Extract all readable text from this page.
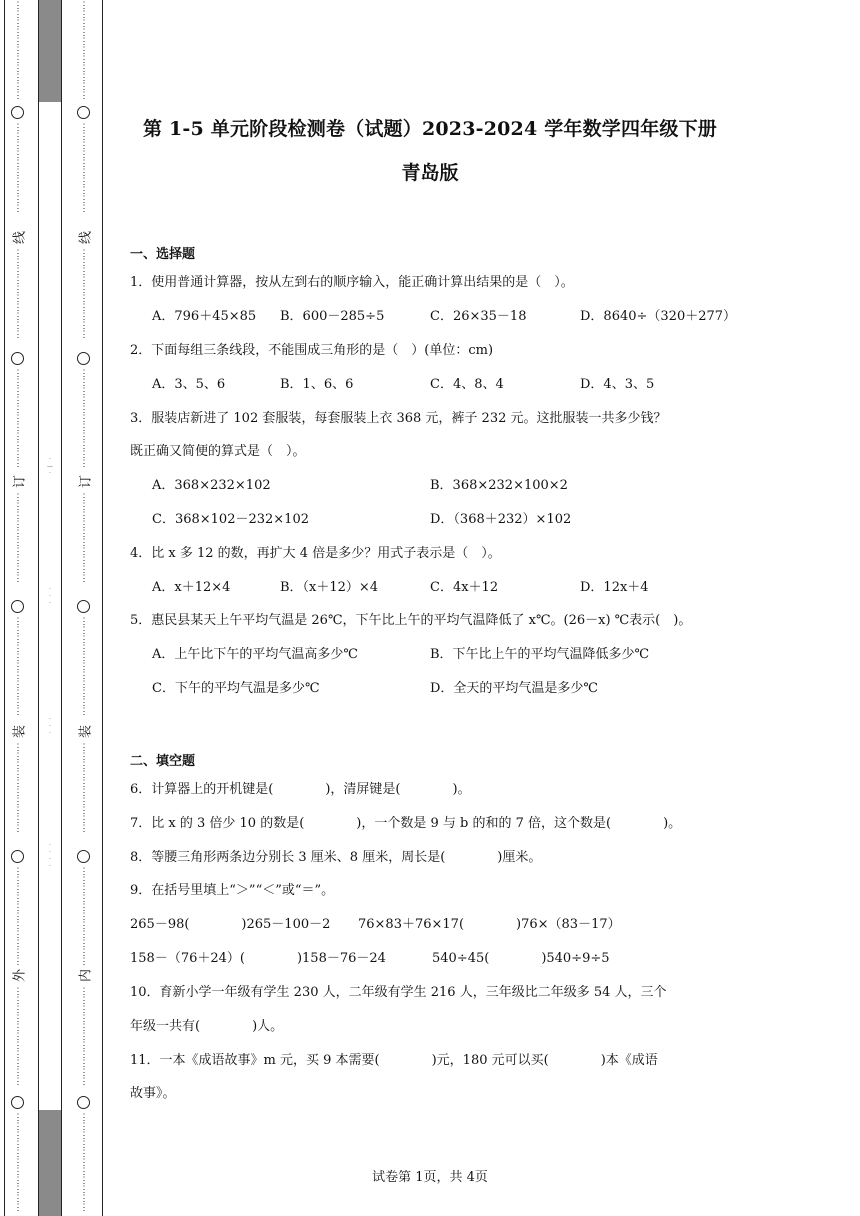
⋮
⋮
⋮
⋮
⋮
⋮
⋮
⋮
⋮
⋮
⋮
⋮
⋮
⋮
⋮
⋮
⋮
⋮
⋮
⋮
⋮
线
⋮
⋮
⋮
⋮
⋮
⋮
⋮
⋮
⋮
⋮
⋮
⋮
⋮
⋮
⋮
⋮
⋮
⋮
⋮
⋮
⋮
订
⋮
⋮
⋮
⋮
⋮
⋮
⋮
⋮
⋮
⋮
⋮
⋮
⋮
⋮
⋮
⋮
⋮
⋮
⋮
⋮
⋮
装
⋮
⋮
⋮
⋮
⋮
⋮
⋮
⋮
⋮
⋮
⋮
⋮
⋮
⋮
⋮
⋮
⋮
⋮
⋮
⋮
⋮
外
⋮
⋮
⋮
⋮
⋮
⋮
⋮
⋮
⋮
⋮
⋮
⋮
⋮
⋮
⋮
⋮
⋮
⋮
⋮
⋮
⋮
⋮
·
—
·
·
·
·
·
·
·
·
·
·
·
⋮
⋮
⋮
⋮
⋮
⋮
⋮
⋮
⋮
⋮
⋮
⋮
⋮
⋮
⋮
⋮
⋮
⋮
⋮
⋮
⋮
线
⋮
⋮
⋮
⋮
⋮
⋮
⋮
⋮
⋮
⋮
⋮
⋮
⋮
⋮
⋮
⋮
⋮
⋮
⋮
⋮
⋮
订
⋮
⋮
⋮
⋮
⋮
⋮
⋮
⋮
⋮
⋮
⋮
⋮
⋮
⋮
⋮
⋮
⋮
⋮
⋮
⋮
⋮
装
⋮
⋮
⋮
⋮
⋮
⋮
⋮
⋮
⋮
⋮
⋮
⋮
⋮
⋮
⋮
⋮
⋮
⋮
⋮
⋮
⋮
内
⋮
⋮
⋮
⋮
⋮
⋮
⋮
⋮
⋮
⋮
⋮
⋮
⋮
⋮
⋮
⋮
⋮
⋮
⋮
⋮
⋮
⋮
第 1-5 单元阶段检测卷（试题）2023-2024 学年数学四年级下册
青岛版
一、选择题
1．使用普通计算器，按从左到右的顺序输入，能正确计算出结果的是（　）。
A．796＋45×85 B．600－285÷5	C．26×35－18	D．8640÷（320＋277）
2．下面每组三条线段，不能围成三角形的是（　）(单位：cm)
A．3、5、6	B．1、6、6	C．4、8、4	D．4、3、5
3．服装店新进了 102 套服装，每套服装上衣 368 元，裤子 232 元。这批服装一共多少钱？
既正确又简便的算式是（　）。
A．368×232×102	B．368×232×100×2
C．368×102－232×102	D．（368＋232）×102
4．比 x 多 12 的数，再扩大 4 倍是多少？用式子表示是（　）。
A．x＋12×4	B．（x＋12）×4	C．4x＋12	D．12x＋4
5．惠民县某天上午平均气温是 26℃，下午比上午的平均气温降低了 x℃。(26－x) ℃表示(　)。
A．上午比下午的平均气温高多少℃	B．下午比上午的平均气温降低多少℃
C．下午的平均气温是多少℃	D．全天的平均气温是多少℃
二、填空题
6．计算器上的开机键是(　　　　)，清屏键是(　　　　)。
7．比 x 的 3 倍少 10 的数是(　　　　)，一个数是 9 与 b 的和的 7 倍，这个数是(　　　　)。
8．等腰三角形两条边分别长 3 厘米、8 厘米，周长是(　　　　)厘米。
9．在括号里填上“＞”“＜”或“＝”。
265－98(　　　　)265－100－2 76×83＋76×17(　　　　)76×（83－17）
158－（76＋24）(　　　　)158－76－24	540÷45(　　　　)540÷9÷5
10．育新小学一年级有学生 230 人，二年级有学生 216 人，三年级比二年级多 54 人，三个
年级一共有(　　　　)人。
11．一本《成语故事》m 元，买 9 本需要(　　　　)元，180 元可以买(　　　　)本《成语
故事》。
试卷第 1页，共 4页
